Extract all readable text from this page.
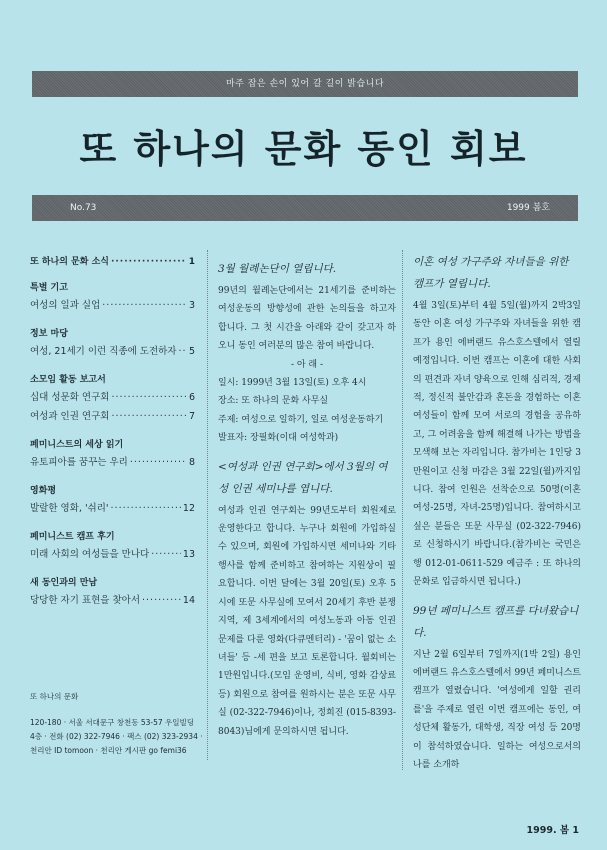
마주 잡은 손이 있어 갈 길이 밝습니다
또 하나의 문화 동인 회보
No.73	1999 봄호
또 하나의 문화 소식 ·····	1
특별 기고
여성의 일과 실업 ·····	3
정보 마당
여성, 21세기 이런 직종에 도전하자 ····· 5
소모임 활동 보고서
십대 성문화 연구회 ·····	6
여성과 인권 연구회 ·····	7
페미니스트의 세상 읽기
유토피아를 꿈꾸는 우리 ·····	8
영화평
발랄한 영화, '쉬리' ·····	12
페미니스트 캠프 후기
미래 사회의 여성들을 만나다 ·····	13
새 동인과의 만남
당당한 자기 표현을 찾아서 ·····	14
또 하나의 문화
120-180 · 서울 서대문구 창천동 53-57 우일빌딩
4층 · 전화 (02) 322-7946 · 팩스 (02) 323-2934 ·
천리안 ID tomoon · 천리안 게시판 go femi36
3월 월례논단이 열립니다.

99년의 월례논단에서는 21세기를 준비하는 여성운동의 방향성에 관한 논의들을 하고자 합니다. 그 첫 시간을 아래와 같이 갖고자 하오니 동인 여러분의 많은 참여 바랍니다.

- 아 래 -
일시: 1999년 3월 13일(토) 오후 4시
장소: 또 하나의 문화 사무실
주제: 여성으로 일하기, 일로 여성운동하기
발표자: 장필화(이대 여성학과)
<여성과 인권 연구회>에서 3월의 여성 인권 세미나를 엽니다.

여성과 인권 연구회는 99년도부터 회원제로 운영한다고 합니다. 누구나 회원에 가입하실 수 있으며, 회원에 가입하시면 세미나와 기타 행사를 함께 준비하고 참여하는 지원상이 필요합니다. 이번 달에는 3월 20일(토) 오후 5시에 또문 사무실에 모여서 20세기 후반 분쟁 지역, 제 3세계에서의 여성노동과 아동 인권 문제를 다룬 영화(다큐멘터리) - '꿈이 없는 소녀들' 등 -세 편을 보고 토론합니다. 월회비는 1만원입니다.(모임 운영비, 식비, 영화 감상료 등) 회원으로 참여를 원하시는 분은 또문 사무실 (02-322-7946)이나, 정희진 (015-8393-8043)님에게 문의하시면 됩니다.

이혼 여성 가구주와 자녀들을 위한 캠프가 열립니다.

4월 3일(토)부터 4월 5일(월)까지 2박3일 동안 이혼 여성 가구주와 자녀들을 위한 캠프가 용인 에버랜드 유스호스텔에서 열릴 예정입니다. 이번 캠프는 이혼에 대한 사회의 편견과 자녀 양육으로 인해 심리적, 경제적, 정신적 불안감과 혼돈을 경험하는 이혼 여성들이 함께 모여 서로의 경험을 공유하고, 그 어려움을 함께 해결해 나가는 방법을 모색해 보는 자리입니다. 참가비는 1인당 3만원이고 신청 마감은 3월 22일(월)까지입니다. 참여 인원은 선착순으로 50명(이혼 여성-25명, 자녀-25명)입니다. 참여하시고 싶은 분들은 또문 사무실 (02-322-7946)로 신청하시기 바랍니다.(참가비는 국민은행 012-01-0611-529 예금주 : 또 하나의 문화로 입금하시면 됩니다.)

99년 페미니스트 캠프를 다녀왔습니다.

지난 2월 6일부터 7일까지(1박 2일) 용인 에버랜드 유스호스텔에서 99년 페미니스트 캠프가 열렸습니다. '여성에게 일할 권리를'을 주제로 열린 이번 캠프에는 동인, 여성단체 활동가, 대학생, 직장 여성 등 20명이 참석하였습니다. 일하는 여성으로서의 나를 소개하

1999. 봄 1
